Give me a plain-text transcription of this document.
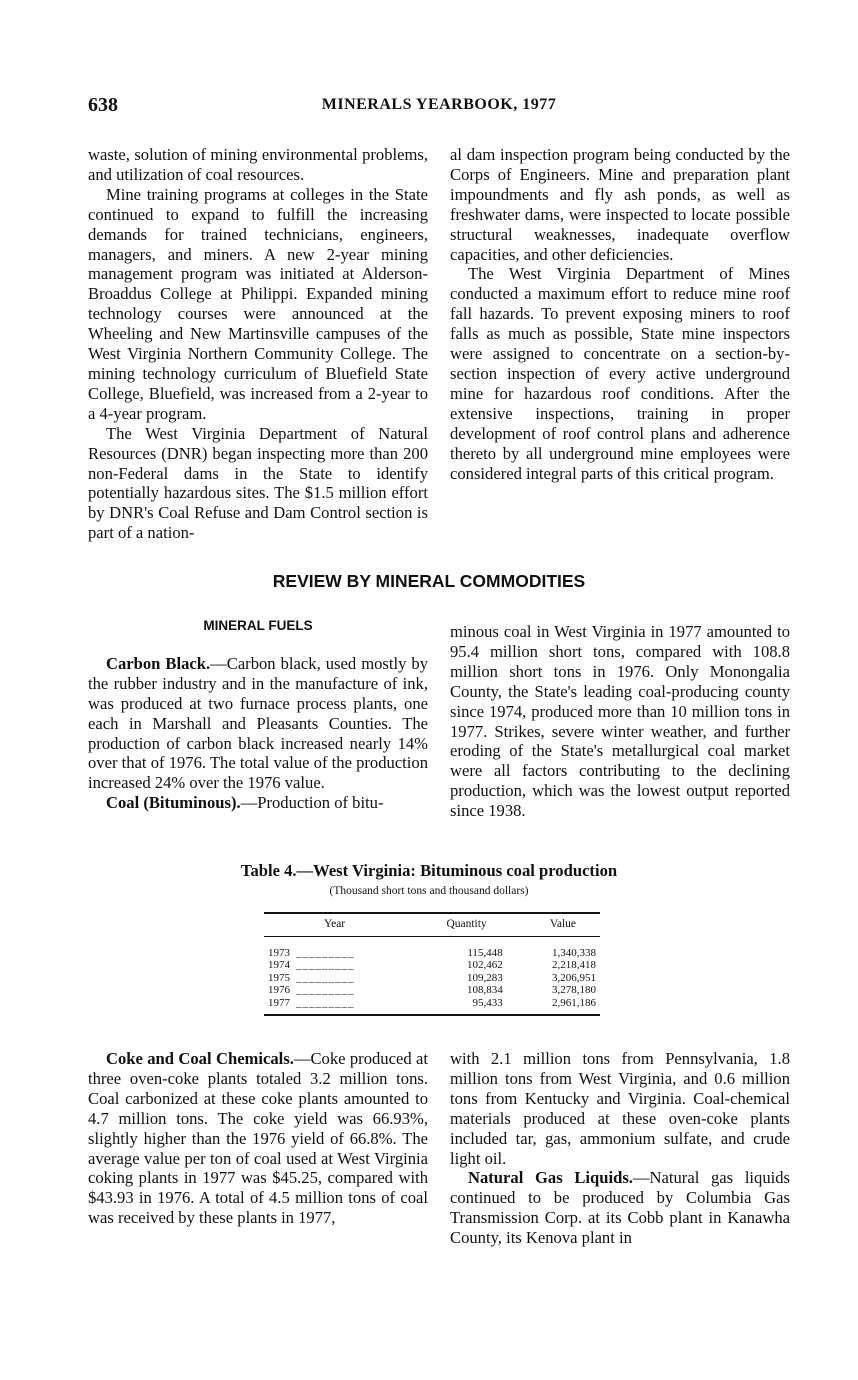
638	MINERALS YEARBOOK, 1977

waste, solution of mining environmental problems, and utilization of coal resources.

Mine training programs at colleges in the State continued to expand to fulfill the increasing demands for trained technicians, engineers, managers, and miners. A new 2-year mining management program was initiated at Alderson-Broaddus College at Philippi. Expanded mining technology courses were announced at the Wheeling and New Martinsville campuses of the West Virginia Northern Community College. The mining technology curriculum of Bluefield State College, Bluefield, was increased from a 2-year to a 4-year program.

The West Virginia Department of Natural Resources (DNR) began inspecting more than 200 non-Federal dams in the State to identify potentially hazardous sites. The $1.5 million effort by DNR's Coal Refuse and Dam Control section is part of a nation-

al dam inspection program being conducted by the Corps of Engineers. Mine and preparation plant impoundments and fly ash ponds, as well as freshwater dams, were inspected to locate possible structural weaknesses, inadequate overflow capacities, and other deficiencies.

The West Virginia Department of Mines conducted a maximum effort to reduce mine roof fall hazards. To prevent exposing miners to roof falls as much as possible, State mine inspectors were assigned to concentrate on a section-by-section inspection of every active underground mine for hazardous roof conditions. After the extensive inspections, training in proper development of roof control plans and adherence thereto by all underground mine employees were considered integral parts of this critical program.

REVIEW BY MINERAL COMMODITIES

MINERAL FUELS

Carbon Black.—Carbon black, used mostly by the rubber industry and in the manufacture of ink, was produced at two furnace process plants, one each in Marshall and Pleasants Counties. The production of carbon black increased nearly 14% over that of 1976. The total value of the production increased 24% over the 1976 value.

Coal (Bituminous).—Production of bitu-

minous coal in West Virginia in 1977 amounted to 95.4 million short tons, compared with 108.8 million short tons in 1976. Only Monongalia County, the State's leading coal-producing county since 1974, produced more than 10 million tons in 1977. Strikes, severe winter weather, and further eroding of the State's metallurgical coal market were all factors contributing to the declining production, which was the lowest output reported since 1938.

Table 4.—West Virginia: Bituminous coal production
(Thousand short tons and thousand dollars)
Year	Quantity	Value
1973 _________	115,448	1,340,338
1974 _________	102,462	2,218,418
1975 _________	109,283	3,206,951
1976 _________	108,834	3,278,180
1977 _________	95,433	2,961,186

Coke and Coal Chemicals.—Coke produced at three oven-coke plants totaled 3.2 million tons. Coal carbonized at these coke plants amounted to 4.7 million tons. The coke yield was 66.93%, slightly higher than the 1976 yield of 66.8%. The average value per ton of coal used at West Virginia coking plants in 1977 was $45.25, compared with $43.93 in 1976. A total of 4.5 million tons of coal was received by these plants in 1977,

with 2.1 million tons from Pennsylvania, 1.8 million tons from West Virginia, and 0.6 million tons from Kentucky and Virginia. Coal-chemical materials produced at these oven-coke plants included tar, gas, ammonium sulfate, and crude light oil.

Natural Gas Liquids.—Natural gas liquids continued to be produced by Columbia Gas Transmission Corp. at its Cobb plant in Kanawha County, its Kenova plant in
